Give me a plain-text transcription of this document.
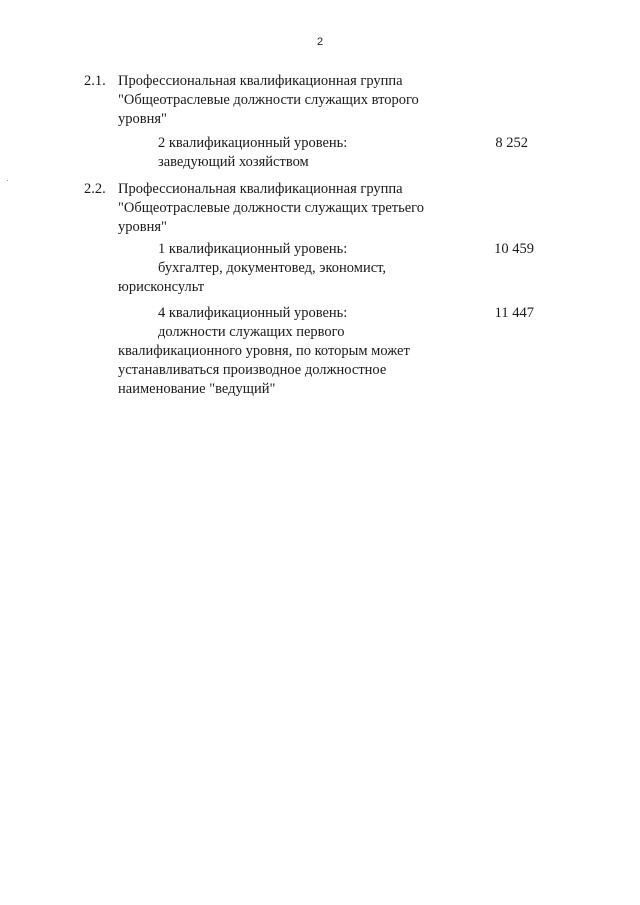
2
2.1. Профессиональная квалификационная группа
"Общеотраслевые должности служащих второго
уровня"
2 квалификационный уровень:
заведующий хозяйством
8 252
2.2. Профессиональная квалификационная группа
"Общеотраслевые должности служащих третьего
уровня"
1 квалификационный уровень:
бухгалтер, документовед, экономист,
юрисконсульт
10 459
4 квалификационный уровень:
должности служащих первого
квалификационного уровня, по которым может
устанавливаться производное должностное
наименование "ведущий"
11 447
